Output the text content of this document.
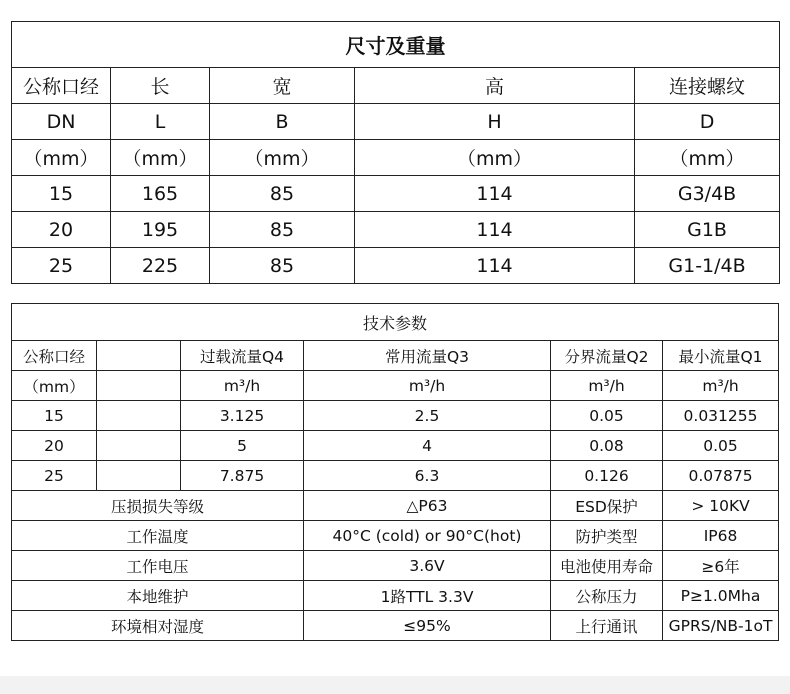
尺寸及重量				
公称口经	长	宽	高	连接螺纹
DN	L	B	H	D
（mm）	（mm）	（mm）	（mm）	（mm）
15	165	85	114	G3/4B
20	195	85	114	G1B
25	225	85	114	G1-1/4B
技术参数					
公称口经		过载流量Q4	常用流量Q3	分界流量Q2	最小流量Q1
（mm）		m³/h	m³/h	m³/h	m³/h
15		3.125	2.5	0.05	0.031255
20		5	4	0.08	0.05
25		7.875	6.3	0.126	0.07875
压损损失等级			△P63	ESD保护	> 10KV
工作温度			40°C (cold) or 90°C(hot)	防护类型	IP68
工作电压			3.6V	电池使用寿命	≥6年
本地维护			1路TTL 3.3V	公称压力	P≥1.0Mha
环境相对湿度			≤95%	上行通讯	GPRS/NB-1oT
